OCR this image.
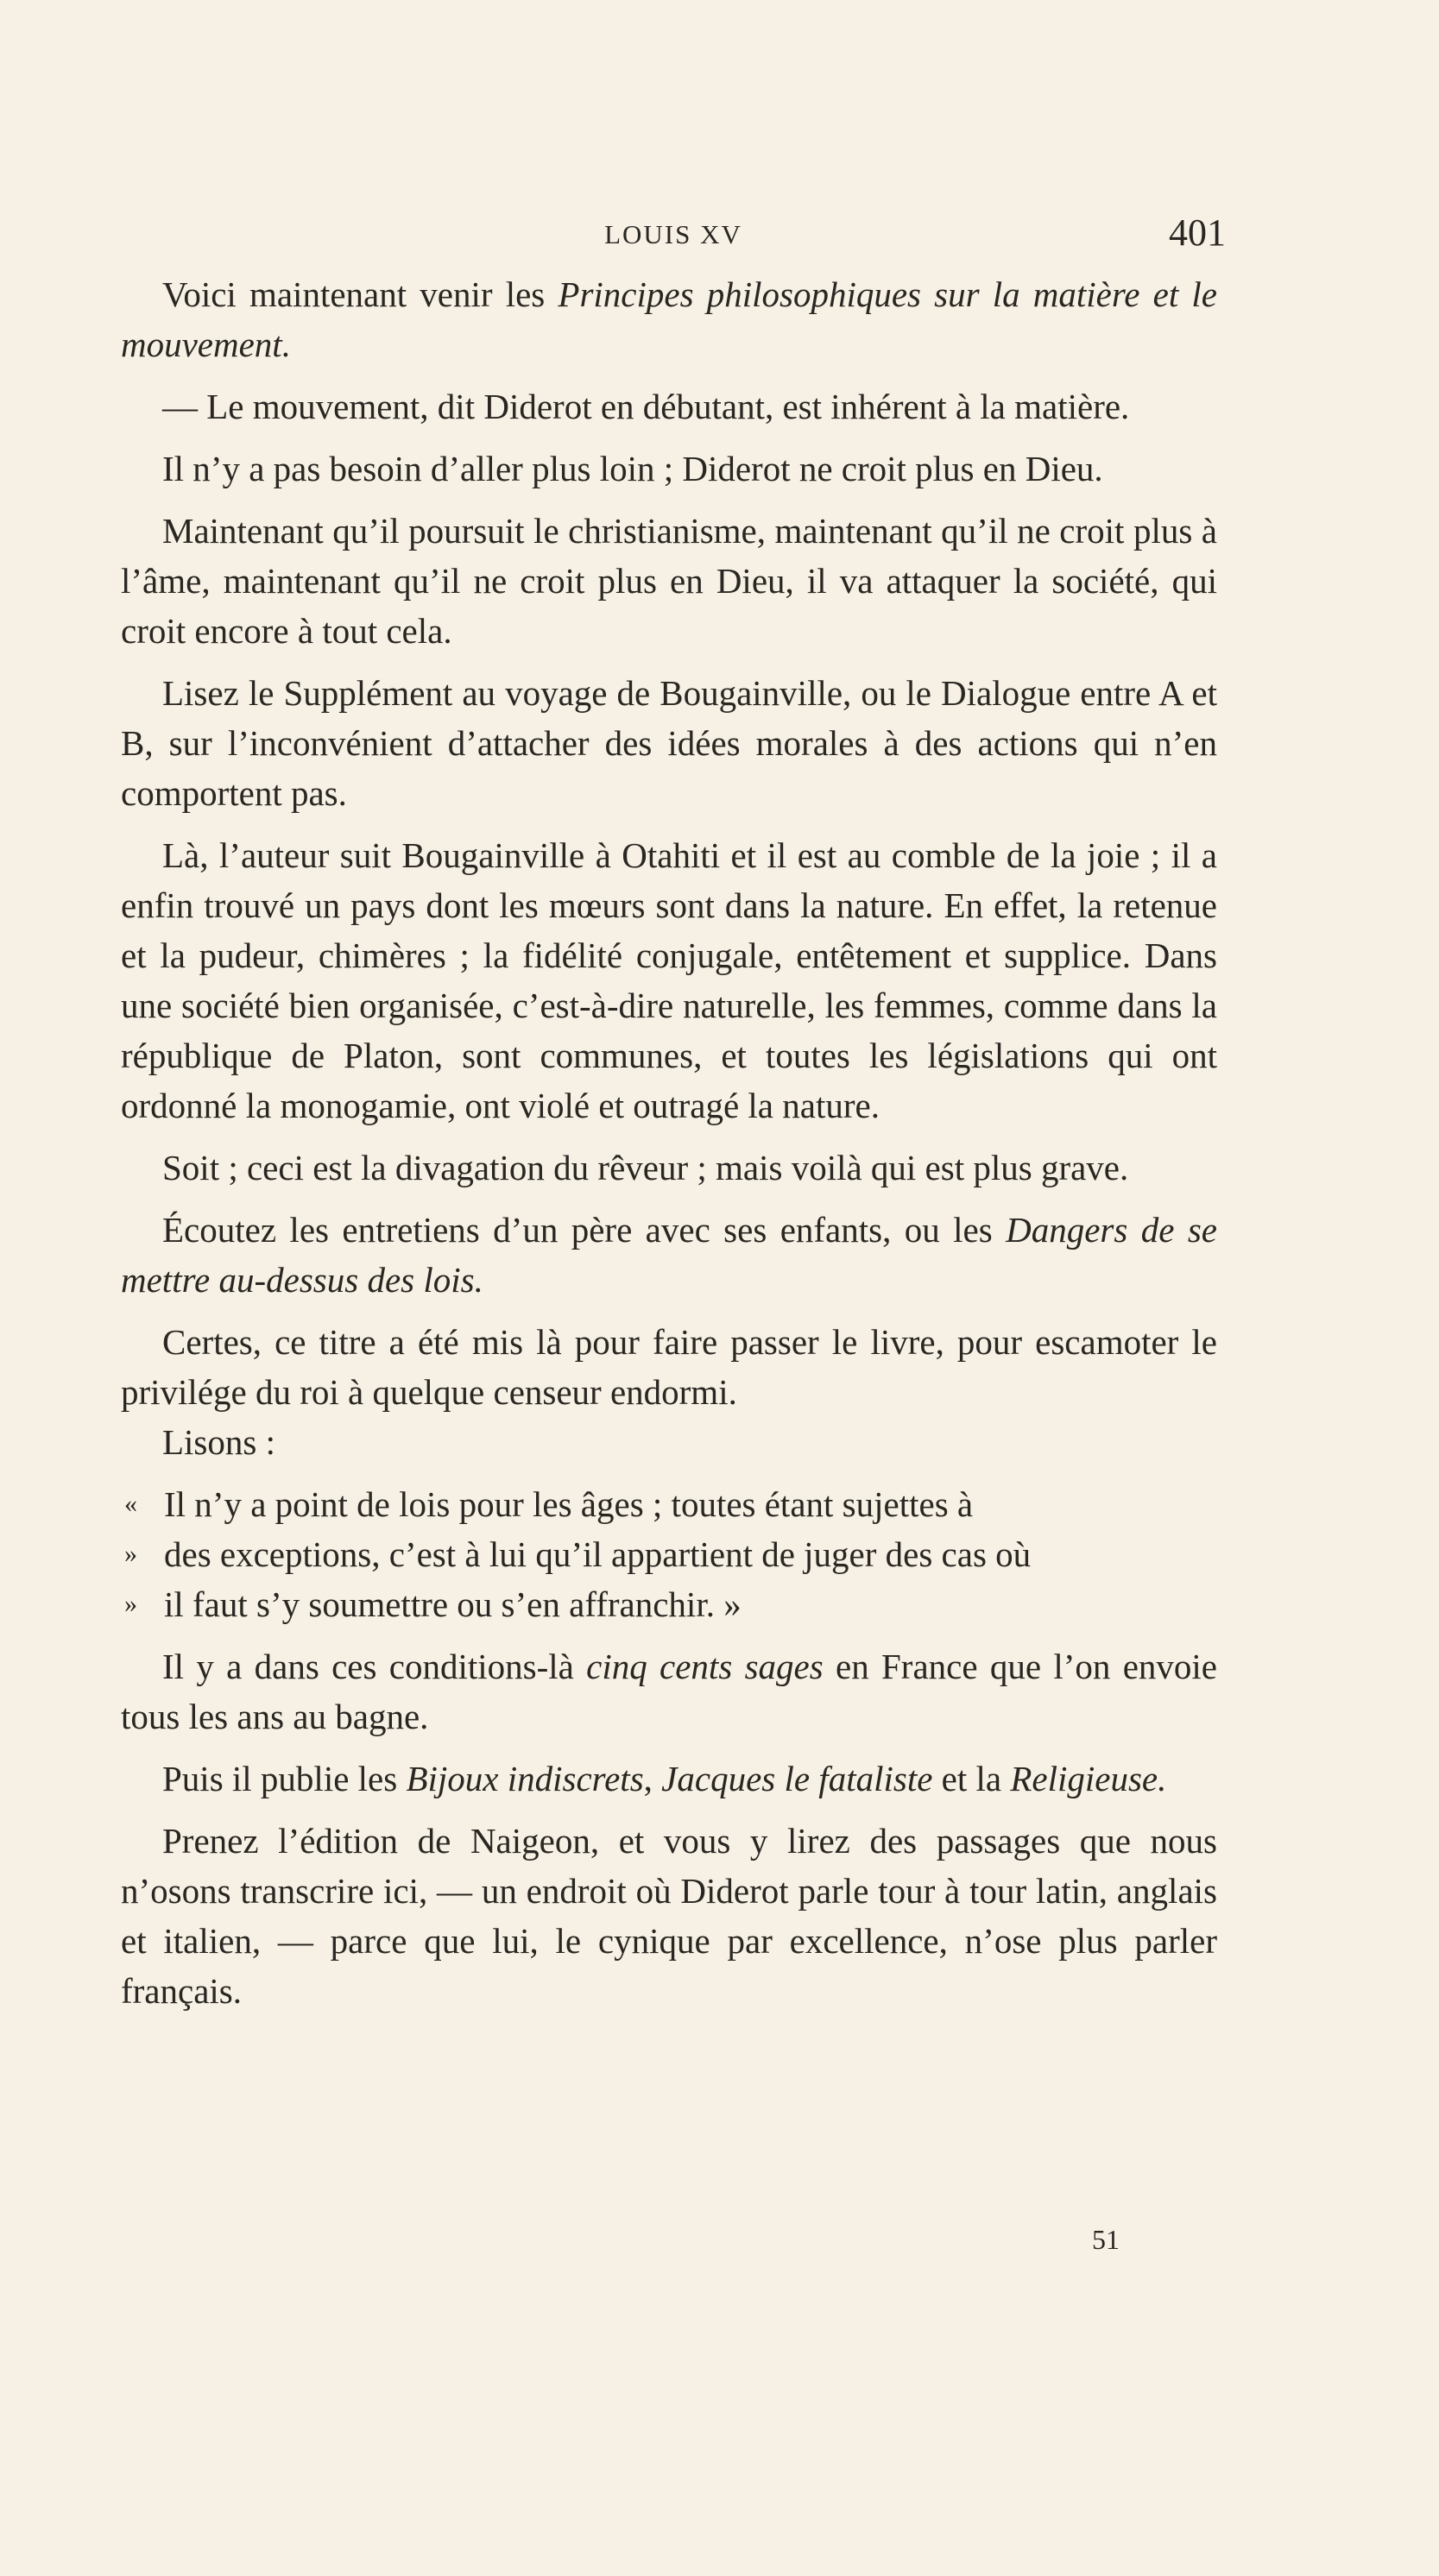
LOUIS XV	401

Voici maintenant venir les Principes philosophiques sur la matière et le mouvement.

— Le mouvement, dit Diderot en débutant, est inhérent à la matière.

Il n’y a pas besoin d’aller plus loin ; Diderot ne croit plus en Dieu.

Maintenant qu’il poursuit le christianisme, maintenant qu’il ne croit plus à l’âme, maintenant qu’il ne croit plus en Dieu, il va attaquer la société, qui croit encore à tout cela.

Lisez le Supplément au voyage de Bougainville, ou le Dialogue entre A et B, sur l’inconvénient d’attacher des idées morales à des actions qui n’en comportent pas.

Là, l’auteur suit Bougainville à Otahiti et il est au comble de la joie ; il a enfin trouvé un pays dont les mœurs sont dans la nature. En effet, la retenue et la pudeur, chimères ; la fidélité conjugale, entêtement et supplice. Dans une société bien organisée, c’est-à-dire naturelle, les femmes, comme dans la république de Platon, sont communes, et toutes les législations qui ont ordonné la monogamie, ont violé et outragé la nature.

Soit ; ceci est la divagation du rêveur ; mais voilà qui est plus grave.

Écoutez les entretiens d’un père avec ses enfants, ou les Dangers de se mettre au-dessus des lois.

Certes, ce titre a été mis là pour faire passer le livre, pour escamoter le privilége du roi à quelque censeur endormi.

Lisons :

« Il n’y a point de lois pour les âges ; toutes étant sujettes à
» des exceptions, c’est à lui qu’il appartient de juger des cas où
» il faut s’y soumettre ou s’en affranchir. »

Il y a dans ces conditions-là cinq cents sages en France que l’on envoie tous les ans au bagne.

Puis il publie les Bijoux indiscrets, Jacques le fataliste et la Religieuse.

Prenez l’édition de Naigeon, et vous y lirez des passages que nous n’osons transcrire ici, — un endroit où Diderot parle tour à tour latin, anglais et italien, — parce que lui, le cynique par excellence, n’ose plus parler français.

51
